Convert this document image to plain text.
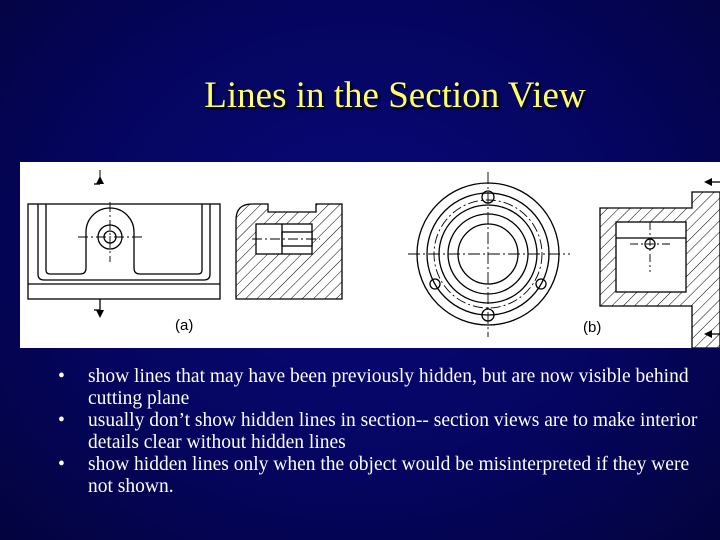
Lines in the Section View
(a)	(b)
• show lines that may have been previously hidden, but are now visible behind cutting plane
• usually don’t show hidden lines in section-- section views are to make interior details clear without hidden lines
• show hidden lines only when the object would be misinterpreted if they were not shown.
